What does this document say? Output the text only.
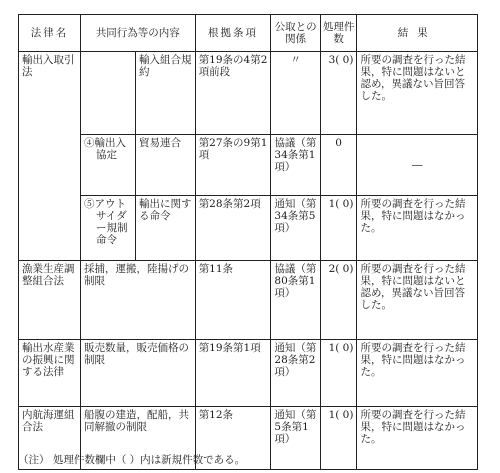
法律名	共同行為等の内容		根拠条項	公取との関係	処理件数	結果
輸出入取引法		輸入組合規約	第19条の4第2項前段	〃	3( 0)	所要の調査を行った結果，特に問題はないと認め，異議ない旨回答した。

	④輸出入協定	貿易連合	第27条の9第1項	協議（第34条第1項）	0	―

	⑤アウトサイダー規制命令	輸出に関する命令	第28条第2項	通知（第34条第5項）	1( 0)	所要の調査を行った結果，特に問題はなかった。
漁業生産調整組合法	採捕，運搬，陸揚げの制限		第11条	協議（第80条第1項）	2( 0)	所要の調査を行った結果，特に問題はないと認め，異議ない旨回答した。
輸出水産業の振興に関する法律	販売数量，販売価格の制限		第19条第1項	通知（第28条第2項）	1( 0)	所要の調査を行った結果，特に問題はなかった。
内航海運組合法	船腹の建造，配船，共同解撤の制限		第12条	通知（第5条第1項）	1( 0)	所要の調査を行った結果，特に問題はなかった。
（注） 処理件数欄中（ ）内は新規件数である。
